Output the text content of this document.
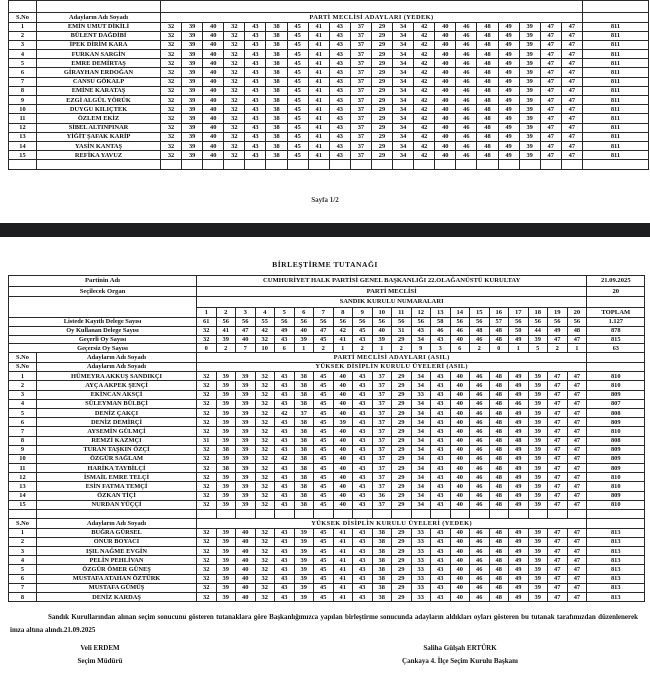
S.No	Adayların Adı Soyadı	PARTİ MECLİSİ ADAYLARI (YEDEK)																				
1	EMİN UMUT DİKİLİ	32	39	40	32	43	38	45	41	43	37	29	34	42	40	46	48	49	39	47	47	811
2	BÜLENT DAĞDİBİ	32	39	40	32	43	38	45	41	43	37	29	34	42	40	46	48	49	39	47	47	811
3	İPEK DİRİM KARA	32	39	40	32	43	38	45	41	43	37	29	34	42	40	46	48	49	39	47	47	811
4	FURKAN SARGİN	32	39	40	32	43	38	45	41	43	37	29	34	42	40	46	48	49	39	47	47	811
5	EMRE DEMİRTAŞ	32	39	40	32	43	38	45	41	43	37	29	34	42	40	46	48	49	39	47	47	811
6	GİRAYHAN ERDOĞAN	32	39	40	32	43	38	45	41	43	37	29	34	42	40	46	48	49	39	47	47	811
7	CANSU GÖKALP	32	39	40	32	43	38	45	41	43	37	29	34	42	40	46	48	49	39	47	47	811
8	EMİNE KARATAŞ	32	39	40	32	43	38	45	41	43	37	29	34	42	40	46	48	49	39	47	47	811
9	EZGİ ALGÜL YÖRÜK	32	39	40	32	43	38	45	41	43	37	29	34	42	40	46	48	49	39	47	47	811
10	DUYGU KILIÇTEK	32	39	40	32	43	38	45	41	43	37	29	34	42	40	46	48	49	39	47	47	811
11	ÖZLEM EKİZ	32	39	40	32	43	38	45	41	43	37	29	34	42	40	46	48	49	39	47	47	811
12	SİBEL ALTINPINAR	32	39	40	32	43	38	45	41	43	37	29	34	42	40	46	48	49	39	47	47	811
13	YİĞİT ŞAFAK KARİP	32	39	40	32	43	38	45	41	43	37	29	34	42	40	46	48	49	39	47	47	811
14	YASİN KANTAŞ	32	39	40	32	43	38	45	41	43	37	29	34	42	40	46	48	49	39	47	47	811
15	REFİKA YAVUZ	32	39	40	32	43	38	45	41	43	37	29	34	42	40	46	48	49	39	47	47	811

Sayfa 1/2
BİRLEŞTİRME TUTANAĞI
Partinin Adı		CUMHURİYET HALK PARTİSİ GENEL BAŞKANLIĞI 22.OLAĞANÜSTÜ KURULTAY																				21.09.2025
Seçilecek Organ		PARTİ MECLİSİ																				20
		SANDIK KURULU NUMARALARI																				
		1	2	3	4	5	6	7	8	9	10	11	12	13	14	15	16	17	18	19	20	TOPLAM
Listede Kayıtlı Delege Sayısı		61	56	56	55	56	56	56	56	56	56	56	56	58	56	56	57	56	56	56	56	1.127
Oy Kullanan Delege Sayısı		32	41	47	42	49	40	47	42	45	40	31	43	46	46	48	48	50	44	49	48	878
Geçerli Oy Sayısı		32	39	40	32	43	39	45	41	43	39	29	34	43	40	46	48	49	39	47	47	815
Geçersiz Oy Sayısı		0	2	7	10	6	1	2	1	2	1	2	9	3	6	2	0	1	5	2	1	63
S.No	Adayların Adı Soyadı	PARTİ MECLİSİ ADAYLARI (ASIL)																				
S.No	Adayların Adı Soyadı	YÜKSEK DİSİPLİN KURULU ÜYELERİ (ASIL)																				
1	HÜMEYRA AKKUŞ SANDIKÇI	32	39	39	32	43	38	45	40	43	37	29	34	43	40	46	48	49	39	47	47	810
2	AYÇA AKPEK ŞENÇİ	32	39	39	32	43	38	45	40	43	37	29	34	43	40	46	48	49	39	47	47	810
3	EKİNCAN AKSÇİ	32	39	39	32	43	38	45	40	43	37	29	33	43	40	46	48	49	39	47	47	809
4	SÜLEYMAN BÜLBÇİ	32	39	39	32	43	38	45	40	43	37	29	34	43	40	46	48	46	39	47	47	807
5	DENİZ ÇAKÇI	32	39	39	32	42	37	45	40	43	37	29	34	43	40	46	48	49	39	47	47	808
6	DENİZ DEMİRÇİ	32	39	39	32	43	38	45	39	43	37	29	34	43	40	46	48	49	39	47	47	809
7	AYSEMİN GÜLMÇİ	32	39	39	32	43	38	45	40	43	37	29	34	43	40	46	48	49	39	47	47	810
8	REMZİ KAZMÇI	31	39	39	32	43	38	45	40	43	37	29	34	43	40	46	48	48	39	47	47	808
9	TURAN TAŞKIN ÖZÇİ	32	38	39	32	43	38	45	40	43	37	29	34	43	40	46	48	49	39	47	47	809
10	ÖZGÜR SAĞLAM	32	39	39	32	42	38	45	40	43	37	29	34	43	40	46	48	49	39	47	47	809
11	HARİKA TAYBİLÇİ	32	38	39	32	43	38	45	40	43	37	29	34	43	40	46	48	49	39	47	47	809
12	İSMAİL EMRE TELÇİ	32	39	39	32	43	38	45	40	43	37	29	34	43	40	46	48	49	39	47	47	810
13	ESİN FATMA TEMÇİ	32	39	39	32	43	38	45	40	43	37	29	34	43	40	46	48	49	39	47	47	810
14	ÖZKAN TİÇİ	32	39	39	32	43	38	45	40	43	36	29	34	43	40	46	48	49	39	47	47	809
15	NURDAN YÜÇÇİ	32	39	39	32	43	38	45	40	43	37	29	34	43	40	46	48	49	39	47	47	810

S.No	Adayların Adı Soyadı	YÜKSEK DİSİPLİN KURULU ÜYELERİ (YEDEK)																				
1	BUĞRA GÜRSEL	32	39	40	32	43	39	45	41	43	38	29	33	43	40	46	48	49	39	47	47	813
2	ONUR BOYACI	32	39	40	32	43	39	45	41	43	38	29	33	43	40	46	48	49	39	47	47	813
3	IŞIL NAĞME EVGİN	32	39	40	32	43	39	45	41	43	38	29	33	43	40	46	48	49	39	47	47	813
4	PELİN PEHLİVAN	32	39	40	32	43	39	45	41	43	38	29	33	43	40	46	48	49	39	47	47	813
5	ÖZGÜR ÖMER GÜNEŞ	32	39	40	32	43	39	45	41	43	38	29	33	43	40	46	48	49	39	47	47	813
6	MUSTAFA ATAHAN ÖZTÜRK	32	39	40	32	43	39	45	41	43	38	29	33	43	40	46	48	49	39	47	47	813
7	MUSTAFA GÜMÜŞ	32	39	40	32	43	39	45	41	43	38	29	33	43	40	46	48	49	39	47	47	813
8	DENİZ KARDAŞ	32	39	40	32	43	39	45	41	43	38	29	33	43	40	46	48	49	39	47	47	813
Sandık Kurullarından alınan seçim sonucunu gösteren tutanaklara göre Başkanlığımızca yapılan birleştirme sonucunda adayların aldıkları oyları gösteren bu tutanak tarafımızdan düzenlenerek imza altına alındı.21.09.2025
Veli ERDEM
Seçim Müdürü
Saliha Gülşah ERTÜRK
Çankaya 4. İlçe Seçim Kurulu Başkanı
